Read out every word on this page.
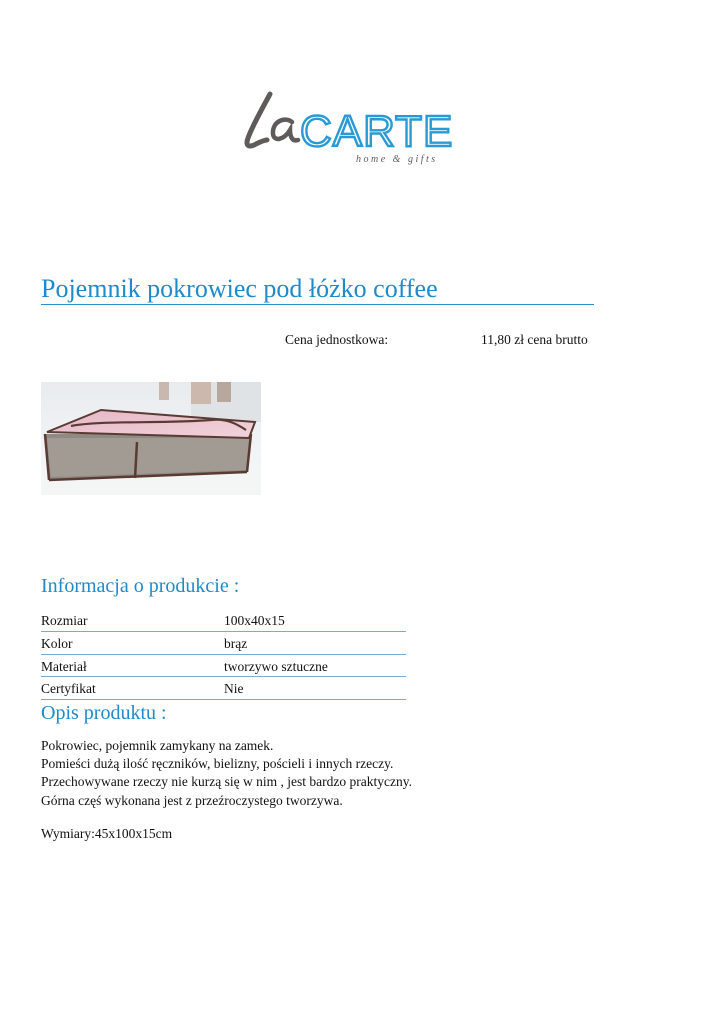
CARTE
home & gifts
Pojemnik pokrowiec pod łóżko coffee
Cena jednostkowa:	11,80 zł cena brutto
Informacja o produkcie :
Rozmiar	100x40x15
Kolor	brąz
Materiał	tworzywo sztuczne
Certyfikat	Nie
Opis produktu :
Pokrowiec, pojemnik zamykany na zamek.
Pomieści dużą ilość ręczników, bielizny, pościeli i innych rzeczy.
Przechowywane rzeczy nie kurzą się w nim , jest bardzo praktyczny.
Górna częś wykonana jest z przeźroczystego tworzywa.
Wymiary:45x100x15cm
